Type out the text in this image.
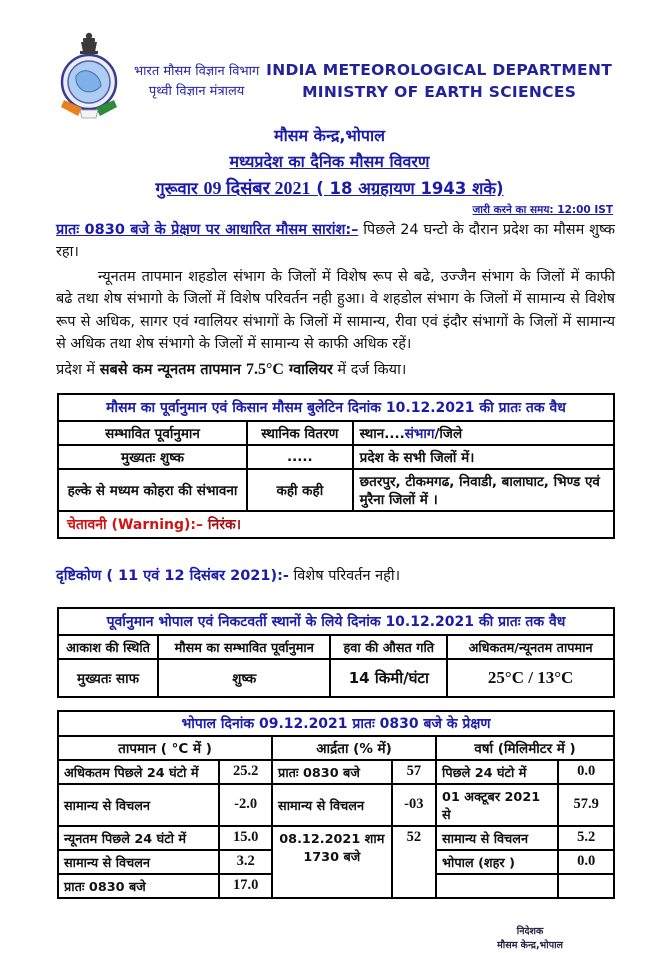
भारत मौसम विज्ञान विभाग
पृथ्वी विज्ञान मंत्रालय
INDIA METEOROLOGICAL DEPARTMENT
MINISTRY OF EARTH SCIENCES
मौसम केन्द्र,भोपाल
मध्यप्रदेश का दैनिक मौसम विवरण
गुरूवार 09 दिसंबर 2021 ( 18 अग्रहायण 1943 शके)
जारी करने का समय: 12:00 IST
प्रातः 0830 बजे के प्रेक्षण पर आधारित मौसम सारांश:– पिछले 24 घन्टो के दौरान प्रदेश का मौसम शुष्क रहा।
न्यूनतम तापमान शहडोल संभाग के जिलों में विशेष रूप से बढे, उज्जैन संभाग के जिलों में काफी बढे तथा शेष संभागो के जिलों में विशेष परिवर्तन नही हुआ। वे शहडोल संभाग के जिलों में सामान्य से विशेष रूप से अधिक, सागर एवं ग्वालियर संभागों के जिलों में सामान्य, रीवा एवं इंदौर संभागों के जिलों में सामान्य से अधिक तथा शेष संभागो के जिलों में सामान्य से काफी अधिक रहें।
प्रदेश में सबसे कम न्यूनतम तापमान 7.5°C ग्वालियर में दर्ज किया।
मौसम का पूर्वानुमान एवं किसान मौसम बुलेटिन दिनांक 10.12.2021 की प्रातः तक वैध		
सम्भावित पूर्वानुमान	स्थानिक वितरण	स्थान....संभाग/जिले
मुख्यतः शुष्क	.....	प्रदेश के सभी जिलों में।
हल्के से मध्यम कोहरा की संभावना	कही कही	छतरपुर, टीकमगढ, निवाडी, बालाघाट, भिण्ड एवं मुरैना जिलों में ।
चेतावनी (Warning):– निरंक।		
दृष्टिकोण ( 11 एवं 12 दिसंबर 2021):- विशेष परिवर्तन नही।
पूर्वानुमान भोपाल एवं निकटवर्ती स्थानों के लिये दिनांक 10.12.2021 की प्रातः तक वैध			
आकाश की स्थिति	मौसम का सम्भावित पूर्वानुमान	हवा की औसत गति	अधिकतम/न्यूनतम तापमान
मुख्यतः साफ	शुष्क	14 किमी/घंटा	25°C / 13°C
भोपाल दिनांक 09.12.2021 प्रातः 0830 बजे के प्रेक्षण					
तापमान ( °C में )		आर्द्रता (% में)		वर्षा (मिलिमीटर में )	
अधिकतम पिछले 24 घंटो में	25.2	प्रातः 0830 बजे	57	पिछले 24 घंटो में	0.0
सामान्य से विचलन	-2.0	सामान्य से विचलन	-03	01 अक्टूबर 2021 से	57.9
न्यूनतम पिछले 24 घंटो में	15.0	08.12.2021 शाम 1730 बजे	52	सामान्य से विचलन	5.2
सामान्य से विचलन	3.2			भोपाल (शहर )	0.0
प्रातः 0830 बजे	17.0				
निदेशक
मौसम केन्द्र,भोपाल
